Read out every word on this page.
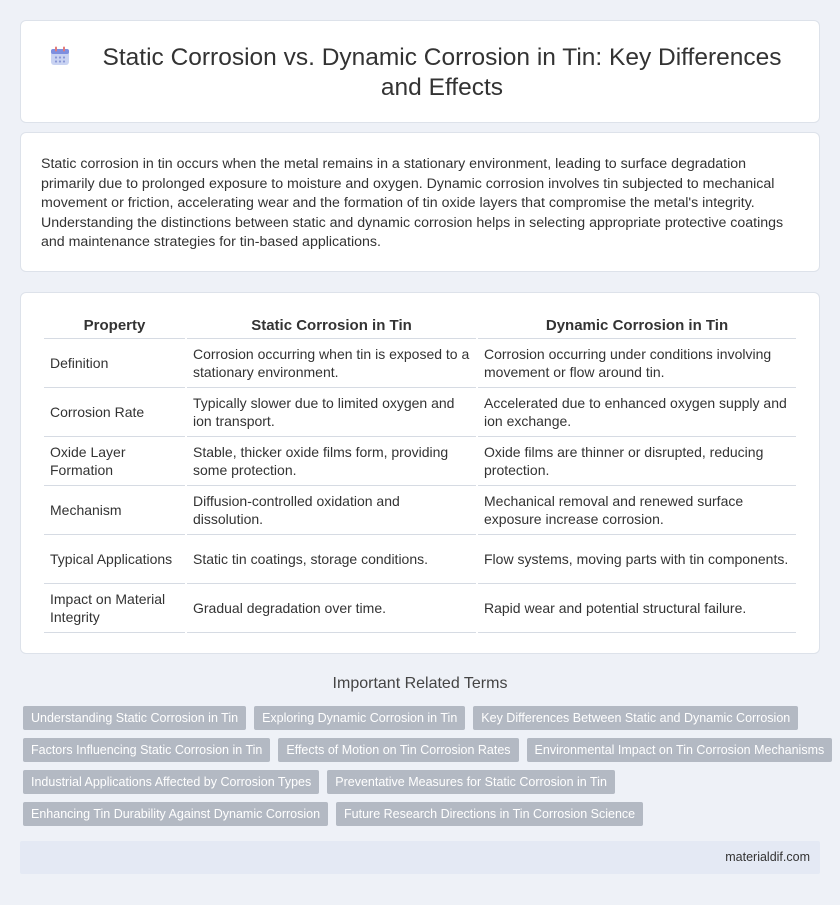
Static Corrosion vs. Dynamic Corrosion in Tin: Key Differences and Effects

Static corrosion in tin occurs when the metal remains in a stationary environment, leading to surface degradation primarily due to prolonged exposure to moisture and oxygen. Dynamic corrosion involves tin subjected to mechanical movement or friction, accelerating wear and the formation of tin oxide layers that compromise the metal's integrity. Understanding the distinctions between static and dynamic corrosion helps in selecting appropriate protective coatings and maintenance strategies for tin-based applications.

Property	Static Corrosion in Tin	Dynamic Corrosion in Tin
Definition	Corrosion occurring when tin is exposed to a stationary environment.	Corrosion occurring under conditions involving movement or flow around tin.
Corrosion Rate	Typically slower due to limited oxygen and ion transport.	Accelerated due to enhanced oxygen supply and ion exchange.
Oxide Layer Formation	Stable, thicker oxide films form, providing some protection.	Oxide films are thinner or disrupted, reducing protection.
Mechanism	Diffusion-controlled oxidation and dissolution.	Mechanical removal and renewed surface exposure increase corrosion.
Typical Applications	Static tin coatings, storage conditions.	Flow systems, moving parts with tin components.
Impact on Material Integrity	Gradual degradation over time.	Rapid wear and potential structural failure.
Important Related Terms
Understanding Static Corrosion in Tin	Exploring Dynamic Corrosion in Tin	Key Differences Between Static and Dynamic Corrosion
Factors Influencing Static Corrosion in Tin	Effects of Motion on Tin Corrosion Rates	Environmental Impact on Tin Corrosion Mechanisms
Industrial Applications Affected by Corrosion Types	Preventative Measures for Static Corrosion in Tin
Enhancing Tin Durability Against Dynamic Corrosion	Future Research Directions in Tin Corrosion Science
materialdif.com
